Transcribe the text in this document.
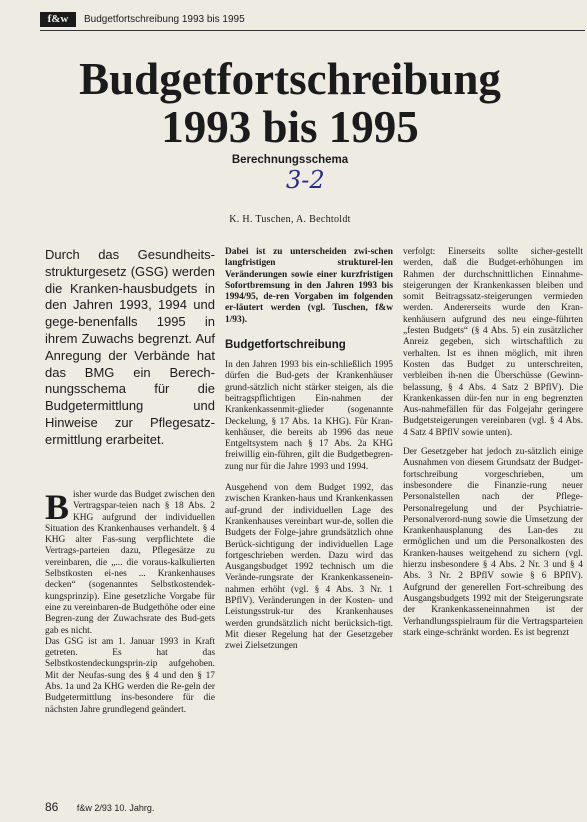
f&w	Budgetfortschreibung 1993 bis 1995
Budgetfortschreibung
1993 bis 1995
Berechnungsschema
3-2
K. H. Tuschen, A. Bechtoldt

Durch das Gesundheits-strukturgesetz (GSG) werden die Kranken-hausbudgets in den Jahren 1993, 1994 und gege-benenfalls 1995 in ihrem Zuwachs begrenzt. Auf Anregung der Verbände hat das BMG ein Berech-nungsschema für die Budgetermittlung und Hinweise zur Pflegesatz-ermittlung erarbeitet.

B isher wurde das Budget zwischen den Vertragspar-teien nach § 18 Abs. 2 KHG aufgrund der individuellen Situation des Krankenhauses verhandelt. § 4 KHG alter Fas-sung verpflichtete die Vertrags-parteien dazu, Pflegesätze zu vereinbaren, die „... die voraus-kalkulierten Selbstkosten ei-nes ... Krankenhauses decken“ (sogenanntes Selbstkostendek-kungsprinzip). Eine gesetzliche Vorgabe für eine zu vereinbaren-de Budgethöhe oder eine Begren-zung der Zuwachsrate des Bud-gets gab es nicht.

Das GSG ist am 1. Januar 1993 in Kraft getreten. Es hat das Selbstkostendeckungsprin-zip aufgehoben. Mit der Neufas-sung des § 4 und den § 17 Abs. 1a und 2a KHG werden die Re-geln der Budgetermittlung ins-besondere für die nächsten Jahre grundlegend geändert.

Dabei ist zu unterscheiden zwi-schen langfristigen strukturel-len Veränderungen sowie einer kurzfristigen Sofortbremsung in den Jahren 1993 bis 1994/95, de-ren Vorgaben im folgenden er-läutert werden (vgl. Tuschen, f&w 1/93).

Budgetfortschreibung

In den Jahren 1993 bis ein-schließlich 1995 dürfen die Bud-gets der Krankenhäuser grund-sätzlich nicht stärker steigen, als die beitragspflichtigen Ein-nahmen der Krankenkassenmit-glieder (sogenannte Deckelung, § 17 Abs. 1a KHG). Für Kran-kenhäuser, die bereits ab 1996 das neue Entgeltsystem nach § 17 Abs. 2a KHG freiwillig ein-führen, gilt die Budgetbegren-zung nur für die Jahre 1993 und 1994.

Ausgehend von dem Budget 1992, das zwischen Kranken-haus und Krankenkassen auf-grund der individuellen Lage des Krankenhauses vereinbart wur-de, sollen die Budgets der Folge-jahre grundsätzlich ohne Berück-sichtigung der individuellen Lage fortgeschrieben werden. Dazu wird das Ausgangsbudget 1992 technisch um die Verände-rungsrate der Krankenkassenein-nahmen erhöht (vgl. § 4 Abs. 3 Nr. 1 BPflV). Veränderungen in der Kosten- und Leistungsstruk-tur des Krankenhauses werden grundsätzlich nicht berücksich-tigt. Mit dieser Regelung hat der Gesetzgeber zwei Zielsetzungen

verfolgt: Einerseits sollte sicher-gestellt werden, daß die Budget-erhöhungen im Rahmen der durchschnittlichen Einnahme-steigerungen der Krankenkassen bleiben und somit Beitragssatz-steigerungen vermieden werden. Andererseits wurde den Kran-kenhäusern aufgrund des neu einge-führten „festen Budgets“ (§ 4 Abs. 5) ein zusätzlicher Anreiz gegeben, sich wirtschaftlich zu verhalten. Ist es ihnen möglich, mit ihren Kosten das Budget zu unterschreiten, verbleiben ih-nen die Überschüsse (Gewinn-belassung, § 4 Abs. 4 Satz 2 BPflV). Die Krankenkassen dür-fen nur in eng begrenzten Aus-nahmefällen für das Folgejahr geringere Budgetsteigerungen vereinbaren (vgl. § 4 Abs. 4 Satz 4 BPflV sowie unten).

Der Gesetzgeber hat jedoch zu-sätzlich einige Ausnahmen von diesem Grundsatz der Budget-fortschreibung vorgeschrieben, um insbesondere die Finanzie-rung neuer Personalstellen nach der Pflege-Personalregelung und der Psychiatrie-Personalverord-nung sowie die Umsetzung der Krankenhausplanung des Lan-des zu ermöglichen und um die Personalkosten des Kranken-hauses weitgehend zu sichern (vgl. hierzu insbesondere § 4 Abs. 2 Nr. 3 und § 4 Abs. 3 Nr. 2 BPflV sowie § 6 BPflV). Aufgrund der generellen Fort-schreibung des Ausgangsbudgets 1992 mit der Steigerungsrate der Krankenkasseneinnahmen ist der Verhandlungsspielraum für die Vertragsparteien stark einge-schränkt worden. Es ist begrenzt

86 f&w 2/93 10. Jahrg.
